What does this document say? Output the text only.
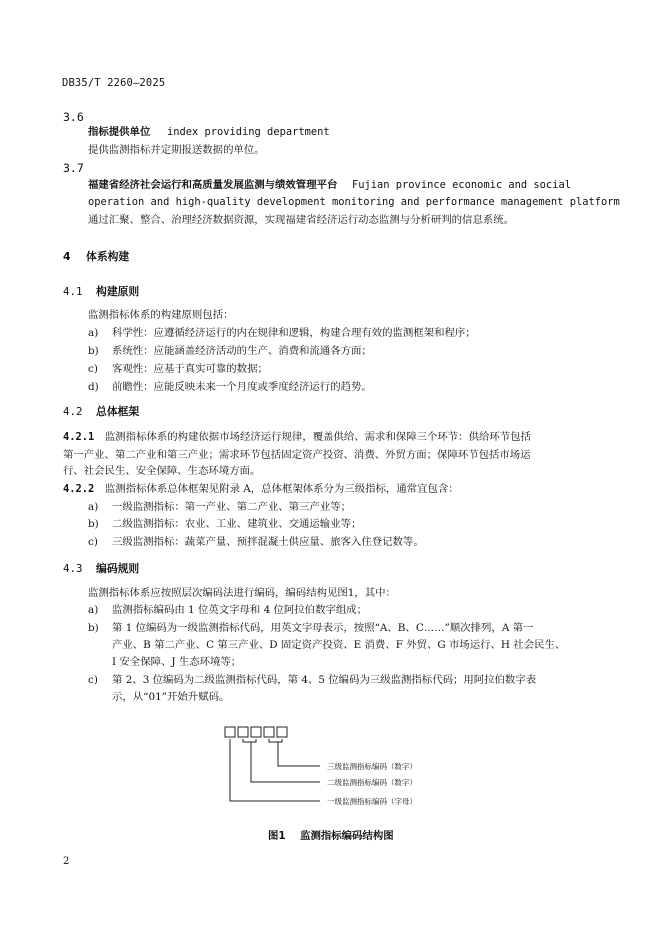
DB35/T 2260—2025
3.6
指标提供单位 index providing department
提供监测指标并定期报送数据的单位。
3.7
福建省经济社会运行和高质量发展监测与绩效管理平台 Fujian province economic and social
operation and high-quality development monitoring and performance management platform
通过汇聚、整合、治理经济数据资源，实现福建省经济运行动态监测与分析研判的信息系统。
4 体系构建
4.1 构建原则
监测指标体系的构建原则包括：
a) 科学性：应遵循经济运行的内在规律和逻辑，构建合理有效的监测框架和程序；
b) 系统性：应能涵盖经济活动的生产、消费和流通各方面；
c) 客观性：应基于真实可靠的数据；
d) 前瞻性：应能反映未来一个月度或季度经济运行的趋势。
4.2 总体框架
4.2.1 监测指标体系的构建依据市场经济运行规律，覆盖供给、需求和保障三个环节：供给环节包括
第一产业、第二产业和第三产业；需求环节包括固定资产投资、消费、外贸方面；保障环节包括市场运
行、社会民生、安全保障、生态环境方面。
4.2.2 监测指标体系总体框架见附录 A，总体框架体系分为三级指标，通常宜包含：
a) 一级监测指标：第一产业、第二产业、第三产业等；
b) 二级监测指标：农业、工业、建筑业、交通运输业等；
c) 三级监测指标：蔬菜产量、预拌混凝土供应量、旅客入住登记数等。
4.3 编码规则
监测指标体系应按照层次编码法进行编码，编码结构见图1，其中：
a) 监测指标编码由 1 位英文字母和 4 位阿拉伯数字组成；
b) 第 1 位编码为一级监测指标代码，用英文字母表示，按照“A、B、C……”顺次排列，A 第一
产业、B 第二产业、C 第三产业、D 固定资产投资、E 消费、F 外贸、G 市场运行、H 社会民生、
I 安全保障、J 生态环境等；
c) 第 2、3 位编码为二级监测指标代码，第 4、5 位编码为三级监测指标代码；用阿拉伯数字表
示，从“01”开始升赋码。
三级监测指标编码（数字）
二级监测指标编码（数字）
一级监测指标编码（字母）
图1    监测指标编码结构图
2
